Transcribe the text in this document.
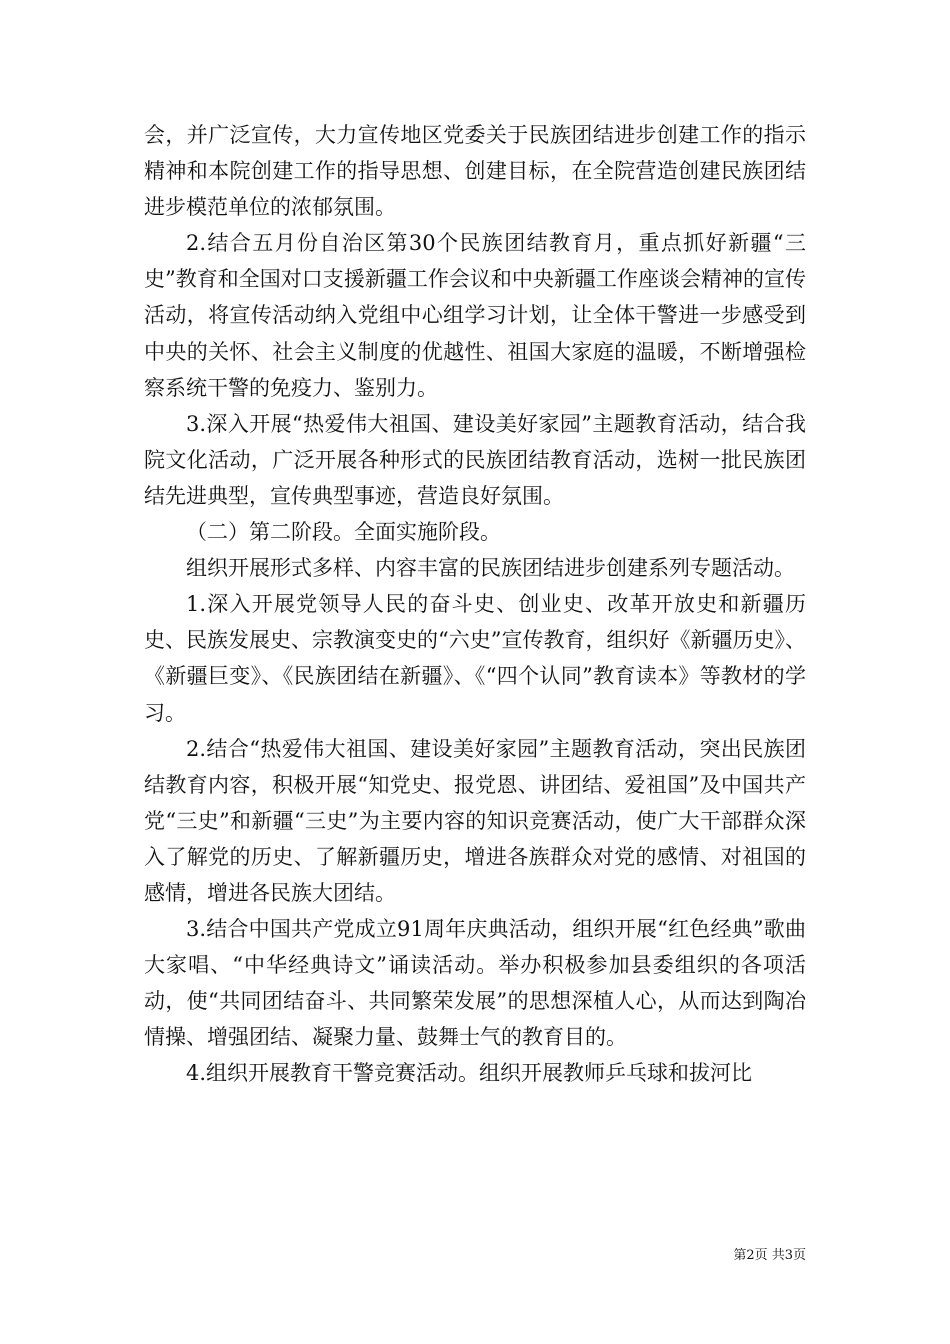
会，并广泛宣传，大力宣传地区党委关于民族团结进步创建工作的指示精神和本院创建工作的指导思想、创建目标，在全院营造创建民族团结进步模范单位的浓郁氛围。

2.结合五月份自治区第30个民族团结教育月，重点抓好新疆“三史”教育和全国对口支援新疆工作会议和中央新疆工作座谈会精神的宣传活动，将宣传活动纳入党组中心组学习计划，让全体干警进一步感受到中央的关怀、社会主义制度的优越性、祖国大家庭的温暖，不断增强检察系统干警的免疫力、鉴别力。

3.深入开展“热爱伟大祖国、建设美好家园”主题教育活动，结合我院文化活动，广泛开展各种形式的民族团结教育活动，选树一批民族团结先进典型，宣传典型事迹，营造良好氛围。

（二）第二阶段。全面实施阶段。

组织开展形式多样、内容丰富的民族团结进步创建系列专题活动。

1.深入开展党领导人民的奋斗史、创业史、改革开放史和新疆历史、民族发展史、宗教演变史的“六史”宣传教育，组织好《新疆历史》、《新疆巨变》、《民族团结在新疆》、《“四个认同”教育读本》等教材的学习。

2.结合“热爱伟大祖国、建设美好家园”主题教育活动，突出民族团结教育内容，积极开展“知党史、报党恩、讲团结、爱祖国”及中国共产党“三史”和新疆“三史”为主要内容的知识竞赛活动，使广大干部群众深入了解党的历史、了解新疆历史，增进各族群众对党的感情、对祖国的感情，增进各民族大团结。

3.结合中国共产党成立91周年庆典活动，组织开展“红色经典”歌曲大家唱、“中华经典诗文”诵读活动。举办积极参加县委组织的各项活动，使“共同团结奋斗、共同繁荣发展”的思想深植人心，从而达到陶冶情操、增强团结、凝聚力量、鼓舞士气的教育目的。

4.组织开展教育干警竞赛活动。组织开展教师乒乓球和拔河比

第2页 共3页
